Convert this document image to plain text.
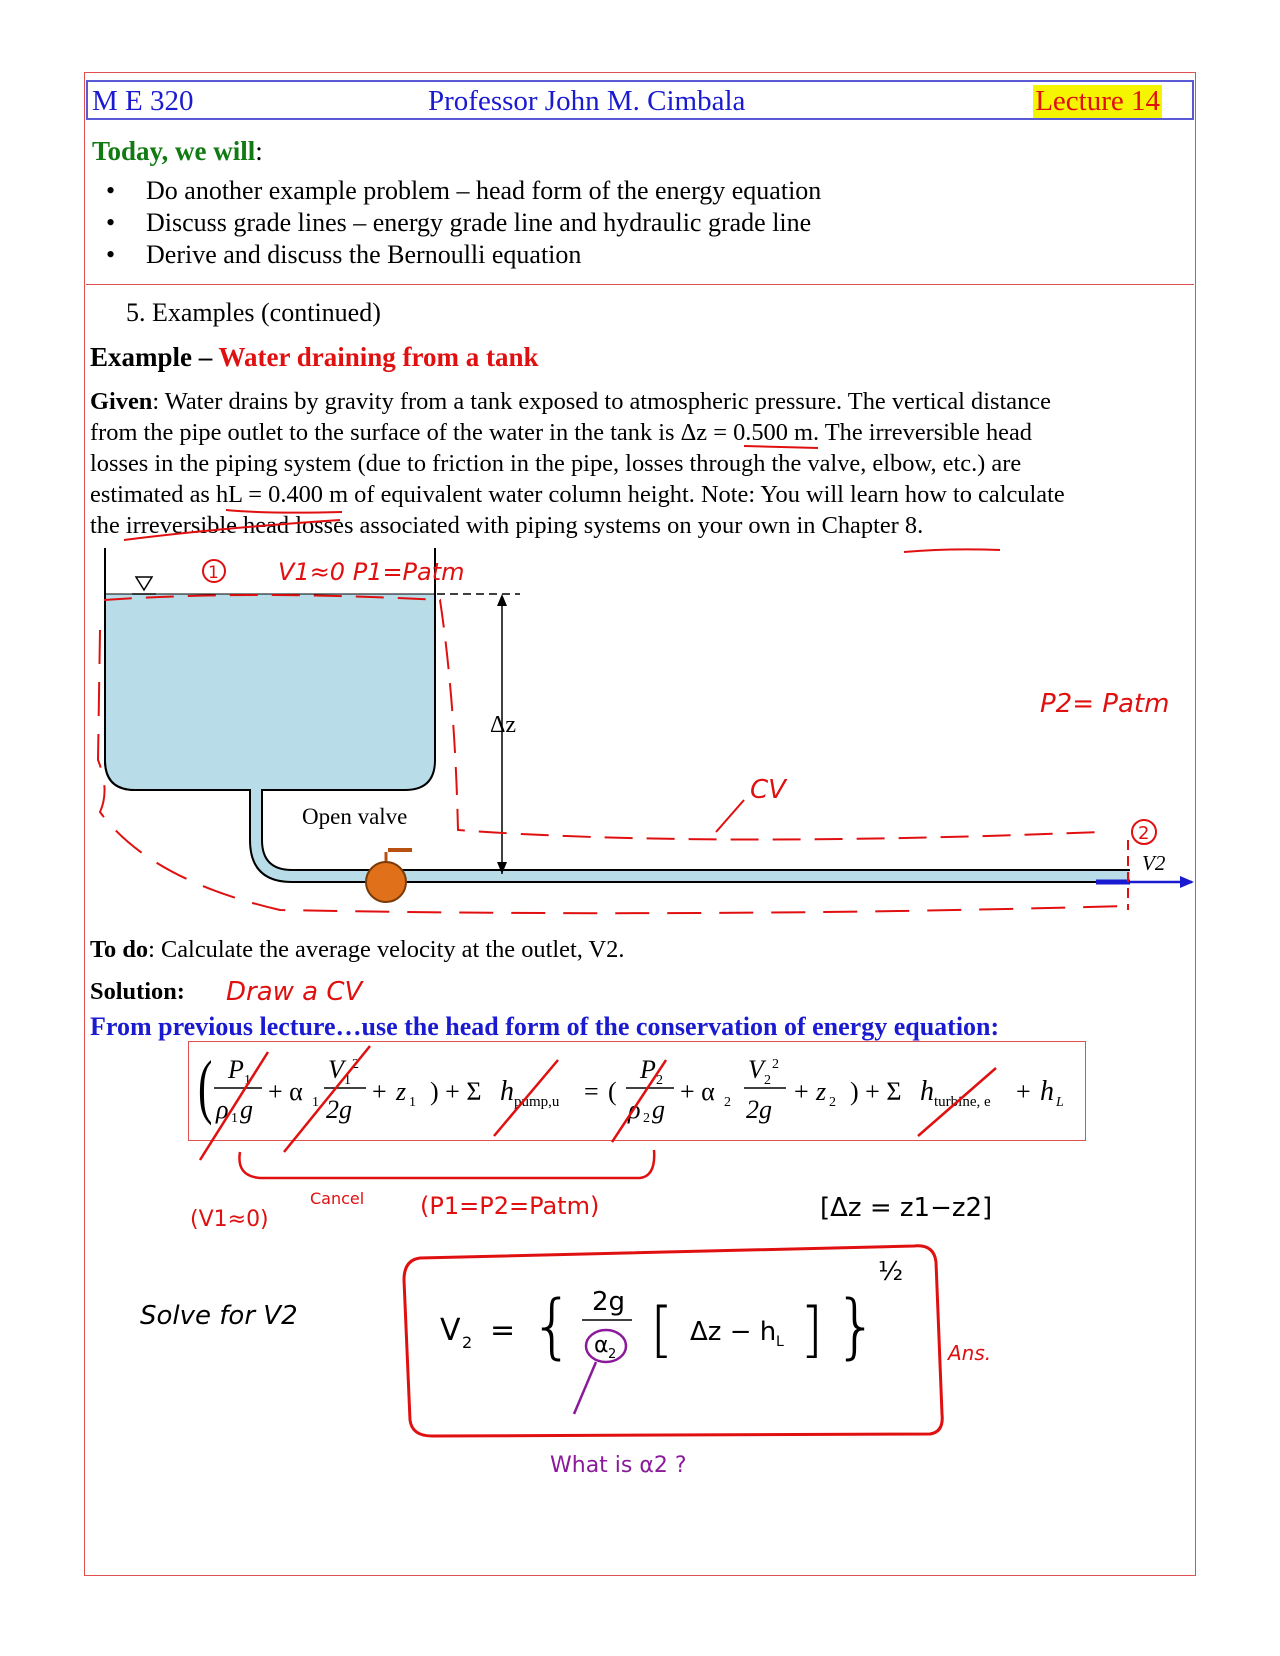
M E 320	Professor John M. Cimbala	Lecture 14
Today, we will:
Do another example problem – head form of the energy equation
Discuss grade lines – energy grade line and hydraulic grade line
Derive and discuss the Bernoulli equation
5. Examples (continued)
Example – Water draining from a tank

Given: Water drains by gravity from a tank exposed to atmospheric pressure. The vertical distance

from the pipe outlet to the surface of the water in the tank is Δz = 0.500 m. The irreversible head

losses in the piping system (due to friction in the pipe, losses through the valve, elbow, etc.) are

estimated as hL = 0.400 m of equivalent water column height. Note: You will learn how to calculate

the irreversible head losses associated with piping systems on your own in Chapter 8.

To do: Calculate the average velocity at the outlet, V2.
Solution:
From previous lecture…use the head form of the conservation of energy equation:
Δz
Open valve
V2
1 V1≈0 P1=Patm
P2= Patm
CV
2
Draw a CV
( P 1
ρ 1 g
+ α 1
V 1
2
2g
+ z 1 ) + Σ h pump,u = (
P 2
ρ 2 g
+ α 2
V 2
2
2g
+ z 2 ) + Σ h turbine, e + h L
(V1≈0)
Cancel (P1=P2=Patm)	[Δz = z1−z2]
Solve for V2	V 2 = { 2g
α 2 [ Δz − h L ] }
½
Ans.
What is α2 ?
